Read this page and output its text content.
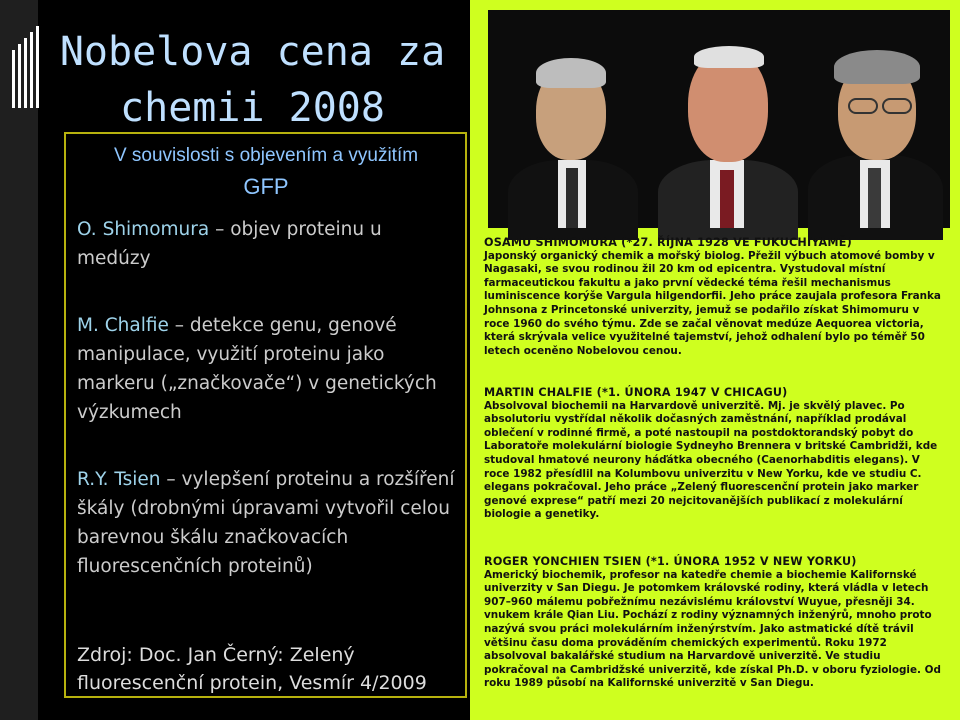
Nobelova cena za chemii 2008
V souvislosti s objevením a využitím
GFP
O. Shimomura – objev proteinu u medúzy
M. Chalfie – detekce genu, genové manipulace, využití proteinu jako markeru („značkovače“) v genetických výzkumech
R.Y. Tsien – vylepšení proteinu a rozšíření škály (drobnými úpravami vytvořil celou barevnou škálu značkovacích fluorescenčních proteinů)
Zdroj: Doc. Jan Černý: Zelený fluorescenční protein, Vesmír 4/2009
OSAMU SHIMOMURA (*27. ŘÍJNA 1928 VE FUKUCHIYAMĚ)
Japonský organický chemik a mořský biolog. Přežil výbuch atomové bomby v Nagasaki, se svou rodinou žil 20 km od epicentra. Vystudoval místní farmaceutickou fakultu a jako první vědecké téma řešil mechanismus luminiscence korýše Vargula hilgendorfii. Jeho práce zaujala profesora Franka Johnsona z Princetonské univerzity, jemuž se podařilo získat Shimomuru v roce 1960 do svého týmu. Zde se začal věnovat medúze Aequorea victoria, která skrývala velice využitelné tajemství, jehož odhalení bylo po téměř 50 letech oceněno Nobelovou cenou.
MARTIN CHALFIE (*1. ÚNORA 1947 V CHICAGU)
Absolvoval biochemii na Harvardově univerzitě. Mj. je skvělý plavec. Po absolutoriu vystřídal několik dočasných zaměstnání, například prodával oblečení v rodinné firmě, a poté nastoupil na postdoktorandský pobyt do Laboratoře molekulární biologie Sydneyho Brennera v britské Cambridži, kde studoval hmatové neurony háďátka obecného (Caenorhabditis elegans). V roce 1982 přesídlil na Kolumbovu univerzitu v New Yorku, kde ve studiu C. elegans pokračoval. Jeho práce „Zelený fluorescenční protein jako marker genové exprese“ patří mezi 20 nejcitovanějších publikací z molekulární biologie a genetiky.
ROGER YONCHIEN TSIEN (*1. ÚNORA 1952 V NEW YORKU)
Americký biochemik, profesor na katedře chemie a biochemie Kalifornské univerzity v San Diegu. Je potomkem královské rodiny, která vládla v letech 907–960 málemu pobřežnímu nezávislému království Wuyue, přesněji 34. vnukem krále Qian Liu. Pochází z rodiny významných inženýrů, mnoho proto nazývá svou práci molekulárním inženýrstvím. Jako astmatické dítě trávil většinu času doma prováděním chemických experimentů. Roku 1972 absolvoval bakalářské studium na Harvardově univerzitě. Ve studiu pokračoval na Cambridžské univerzitě, kde získal Ph.D. v oboru fyziologie. Od roku 1989 působí na Kalifornské univerzitě v San Diegu.
